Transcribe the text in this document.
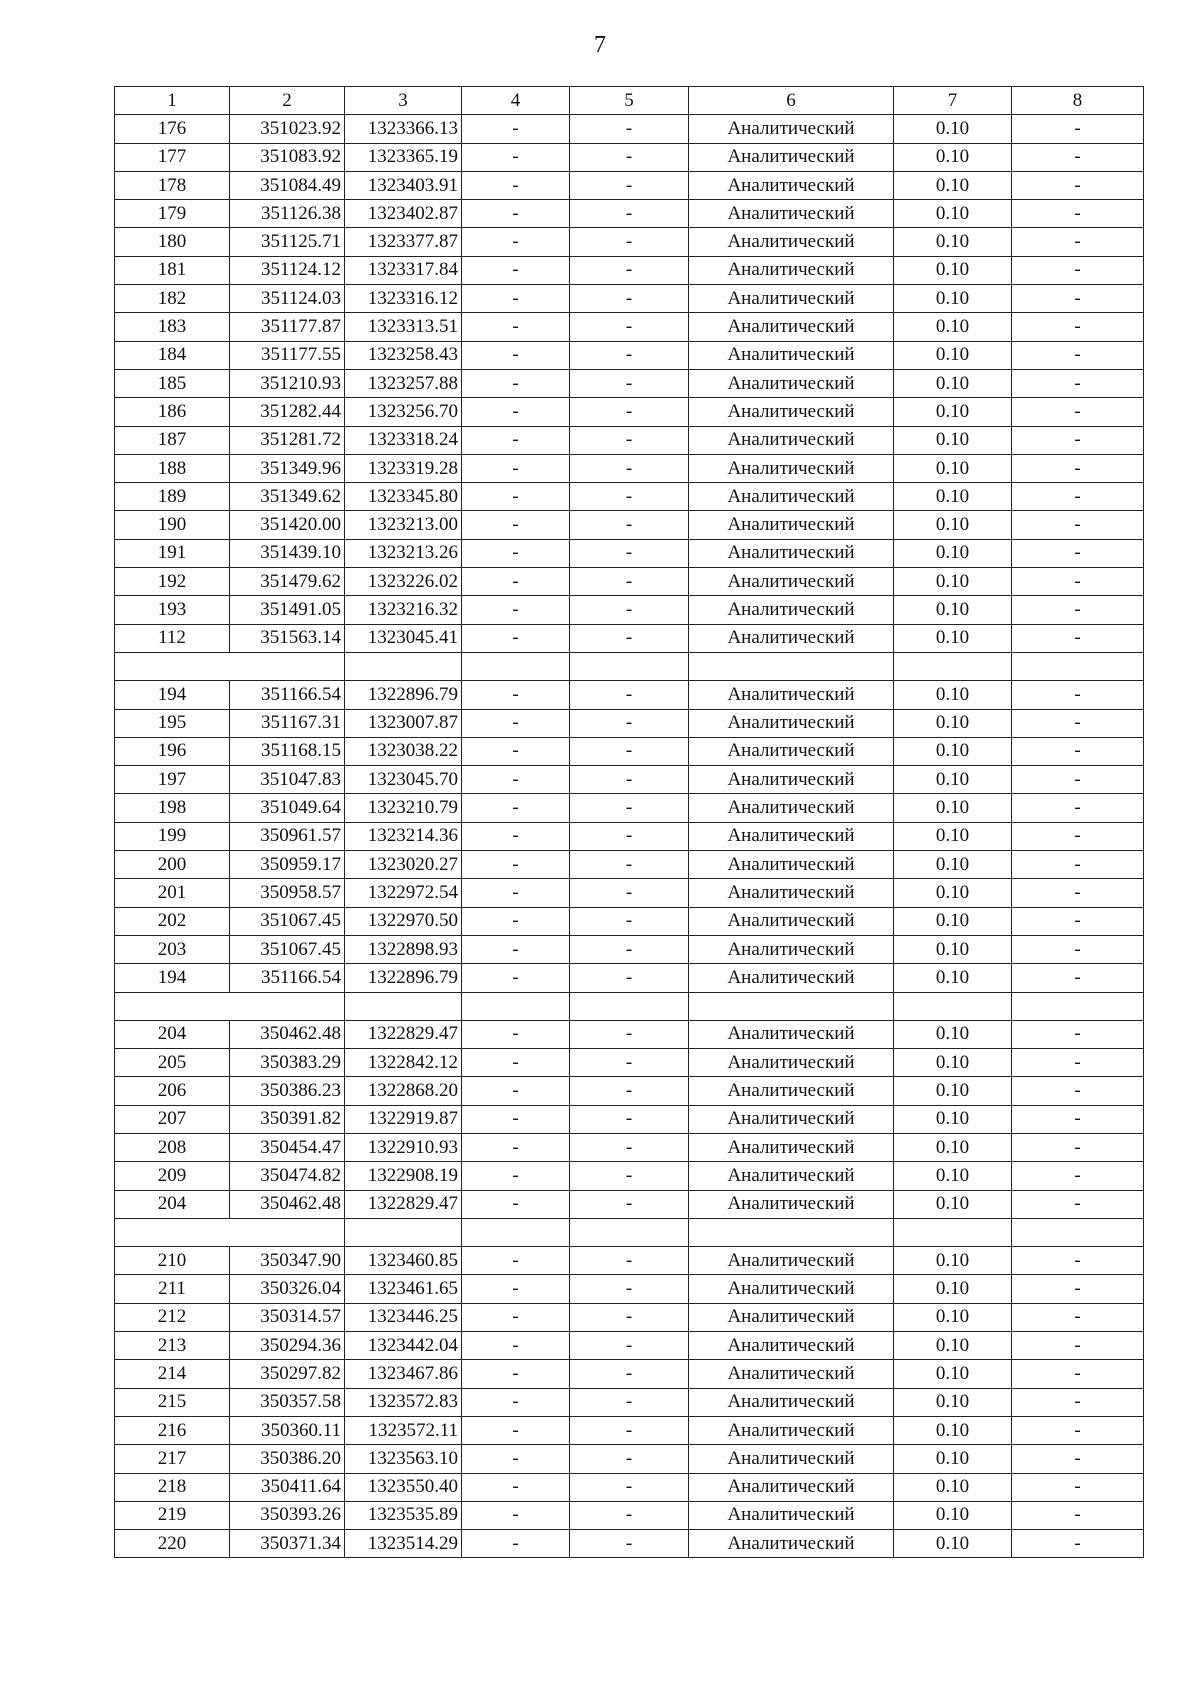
7
1	2	3	4	5	6	7	8
176	351023.92	1323366.13	-	-	Аналитический	0.10	-
177	351083.92	1323365.19	-	-	Аналитический	0.10	-
178	351084.49	1323403.91	-	-	Аналитический	0.10	-
179	351126.38	1323402.87	-	-	Аналитический	0.10	-
180	351125.71	1323377.87	-	-	Аналитический	0.10	-
181	351124.12	1323317.84	-	-	Аналитический	0.10	-
182	351124.03	1323316.12	-	-	Аналитический	0.10	-
183	351177.87	1323313.51	-	-	Аналитический	0.10	-
184	351177.55	1323258.43	-	-	Аналитический	0.10	-
185	351210.93	1323257.88	-	-	Аналитический	0.10	-
186	351282.44	1323256.70	-	-	Аналитический	0.10	-
187	351281.72	1323318.24	-	-	Аналитический	0.10	-
188	351349.96	1323319.28	-	-	Аналитический	0.10	-
189	351349.62	1323345.80	-	-	Аналитический	0.10	-
190	351420.00	1323213.00	-	-	Аналитический	0.10	-
191	351439.10	1323213.26	-	-	Аналитический	0.10	-
192	351479.62	1323226.02	-	-	Аналитический	0.10	-
193	351491.05	1323216.32	-	-	Аналитический	0.10	-
112	351563.14	1323045.41	-	-	Аналитический	0.10	-

194	351166.54	1322896.79	-	-	Аналитический	0.10	-
195	351167.31	1323007.87	-	-	Аналитический	0.10	-
196	351168.15	1323038.22	-	-	Аналитический	0.10	-
197	351047.83	1323045.70	-	-	Аналитический	0.10	-
198	351049.64	1323210.79	-	-	Аналитический	0.10	-
199	350961.57	1323214.36	-	-	Аналитический	0.10	-
200	350959.17	1323020.27	-	-	Аналитический	0.10	-
201	350958.57	1322972.54	-	-	Аналитический	0.10	-
202	351067.45	1322970.50	-	-	Аналитический	0.10	-
203	351067.45	1322898.93	-	-	Аналитический	0.10	-
194	351166.54	1322896.79	-	-	Аналитический	0.10	-

204	350462.48	1322829.47	-	-	Аналитический	0.10	-
205	350383.29	1322842.12	-	-	Аналитический	0.10	-
206	350386.23	1322868.20	-	-	Аналитический	0.10	-
207	350391.82	1322919.87	-	-	Аналитический	0.10	-
208	350454.47	1322910.93	-	-	Аналитический	0.10	-
209	350474.82	1322908.19	-	-	Аналитический	0.10	-
204	350462.48	1322829.47	-	-	Аналитический	0.10	-

210	350347.90	1323460.85	-	-	Аналитический	0.10	-
211	350326.04	1323461.65	-	-	Аналитический	0.10	-
212	350314.57	1323446.25	-	-	Аналитический	0.10	-
213	350294.36	1323442.04	-	-	Аналитический	0.10	-
214	350297.82	1323467.86	-	-	Аналитический	0.10	-
215	350357.58	1323572.83	-	-	Аналитический	0.10	-
216	350360.11	1323572.11	-	-	Аналитический	0.10	-
217	350386.20	1323563.10	-	-	Аналитический	0.10	-
218	350411.64	1323550.40	-	-	Аналитический	0.10	-
219	350393.26	1323535.89	-	-	Аналитический	0.10	-
220	350371.34	1323514.29	-	-	Аналитический	0.10	-
